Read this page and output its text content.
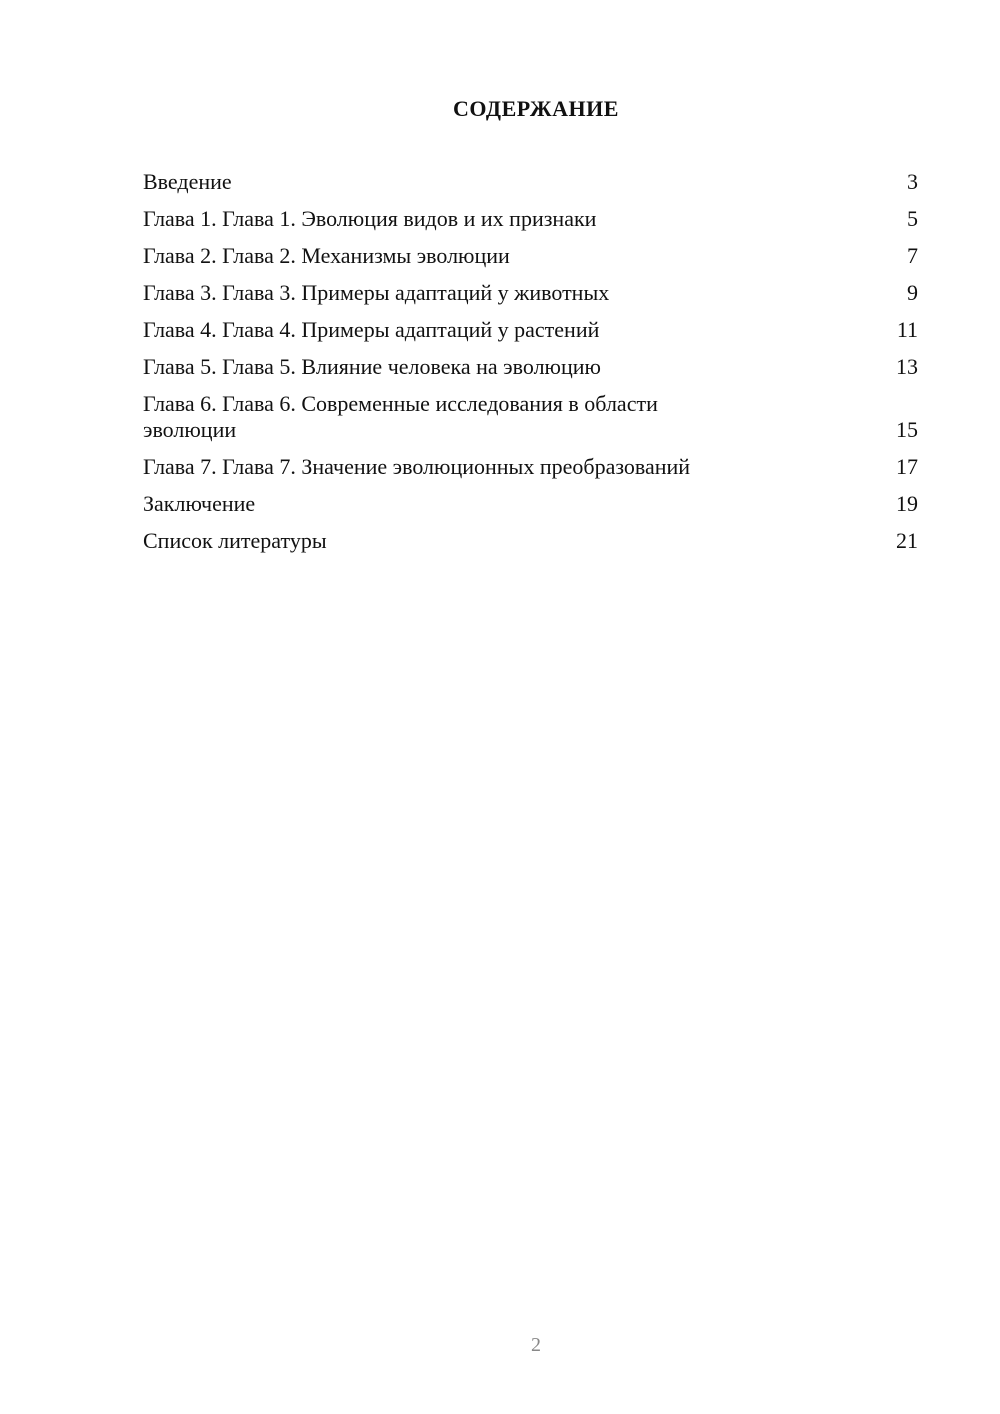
СОДЕРЖАНИЕ
Введение	3
Глава 1. Глава 1. Эволюция видов и их признаки	5
Глава 2. Глава 2. Механизмы эволюции	7
Глава 3. Глава 3. Примеры адаптаций у животных	9
Глава 4. Глава 4. Примеры адаптаций у растений	11
Глава 5. Глава 5. Влияние человека на эволюцию	13
Глава 6. Глава 6. Современные исследования в области эволюции	15
Глава 7. Глава 7. Значение эволюционных преобразований	17
Заключение	19
Список литературы	21
2
